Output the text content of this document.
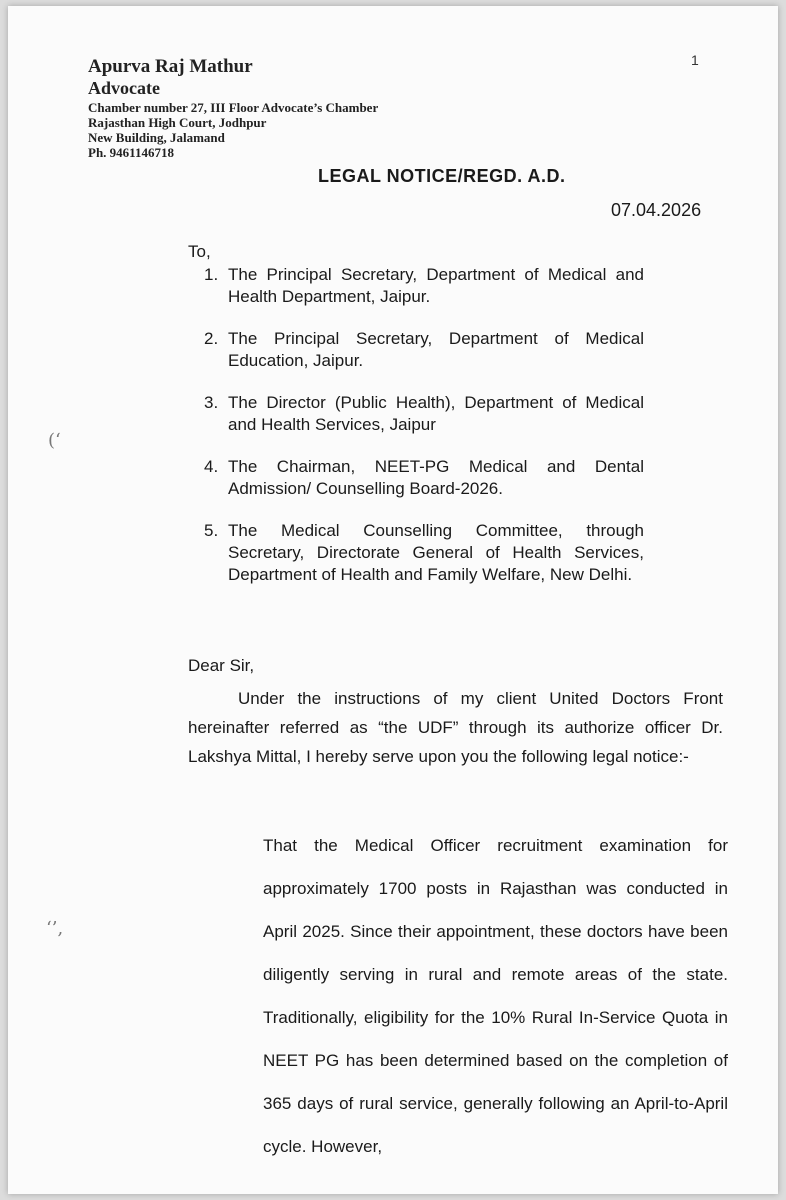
Apurva Raj Mathur
Advocate
Chamber number 27, III Floor Advocate’s Chamber
Rajasthan High Court, Jodhpur
New Building, Jalamand
Ph. 9461146718
1
LEGAL NOTICE/REGD. A.D.
07.04.2026
To,
1. The Principal Secretary, Department of Medical and Health Department, Jaipur.
2. The Principal Secretary, Department of Medical Education, Jaipur.
3. The Director (Public Health), Department of Medical and Health Services, Jaipur
4. The Chairman, NEET-PG Medical and Dental Admission/ Counselling Board-2026.
5. The Medical Counselling Committee, through Secretary, Directorate General of Health Services, Department of Health and Family Welfare, New Delhi.
(‘
‘’,
Dear Sir,
Under the instructions of my client United Doctors Front hereinafter referred as “the UDF” through its authorize officer Dr. Lakshya Mittal, I hereby serve upon you the following legal notice:-
That the Medical Officer recruitment examination for approximately 1700 posts in Rajasthan was conducted in April 2025. Since their appointment, these doctors have been diligently serving in rural and remote areas of the state. Traditionally, eligibility for the 10% Rural In-Service Quota in NEET PG has been determined based on the completion of 365 days of rural service, generally following an April-to-April cycle. However,
